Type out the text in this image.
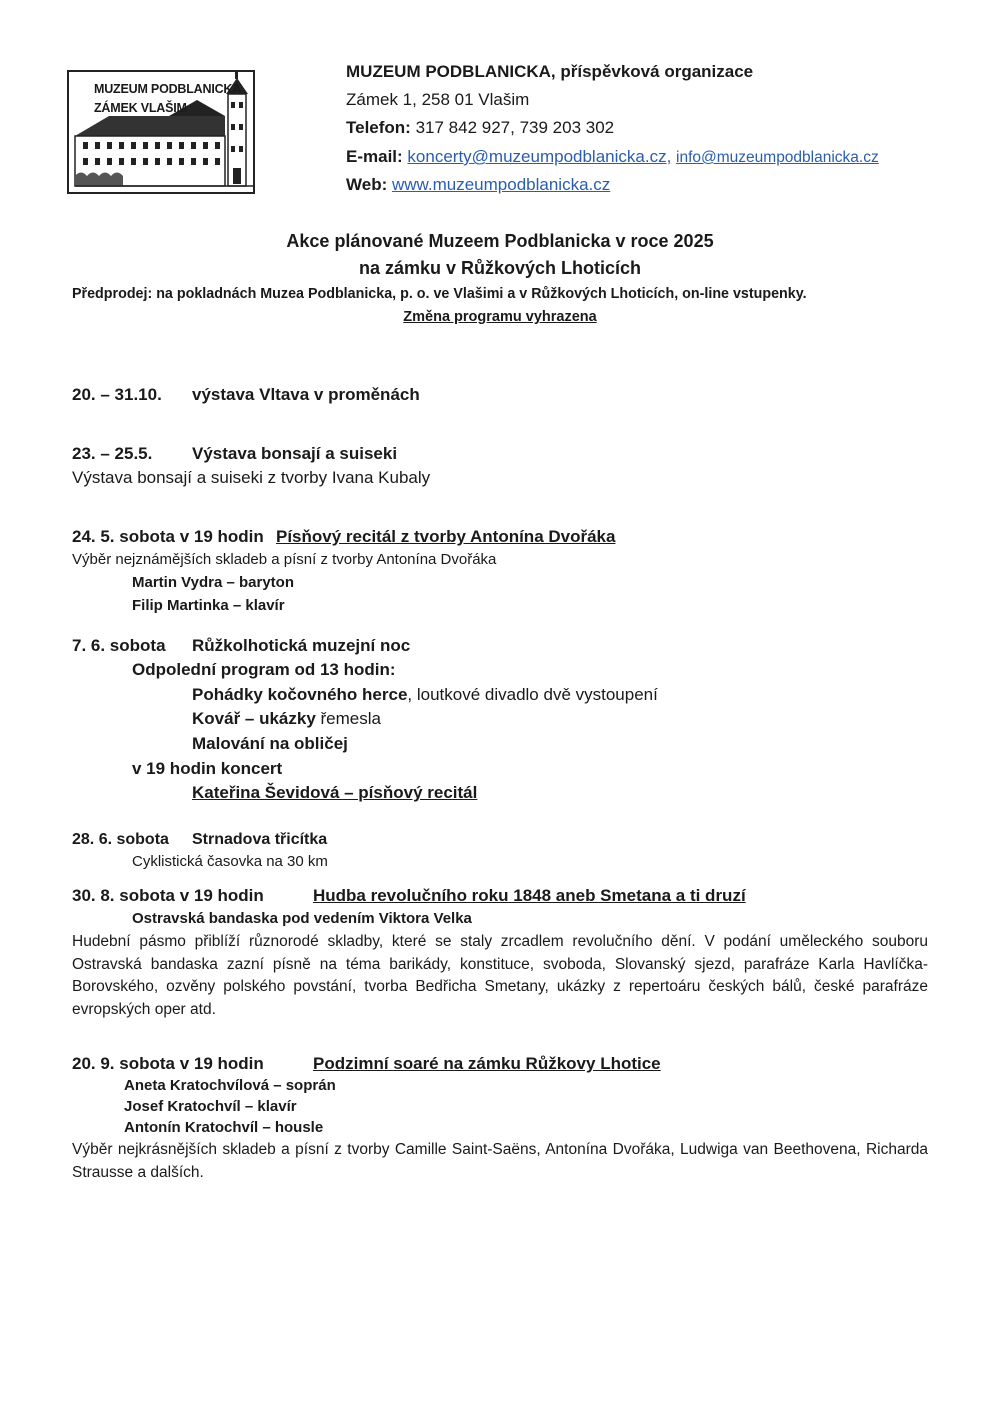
MUZEUM PODBLANICKA
ZÁMEK VLAŠIM
MUZEUM PODBLANICKA, příspěvková organizace
Zámek 1, 258 01 Vlašim
Telefon: 317 842 927, 739 203 302
E-mail: koncerty@muzeumpodblanicka.cz, info@muzeumpodblanicka.cz
Web: www.muzeumpodblanicka.cz
Akce plánované Muzeem Podblanicka v roce 2025
na zámku v Růžkových Lhoticích
Předprodej: na pokladnách Muzea Podblanicka, p. o. ve Vlašimi a v Růžkových Lhoticích, on-line vstupenky.
Změna programu vyhrazena
20. – 31.10. výstava Vltava v proměnách
23. – 25.5. Výstava bonsají a suiseki
Výstava bonsají a suiseki z tvorby Ivana Kubaly
24. 5. sobota v 19 hodin Písňový recitál z tvorby Antonína Dvořáka
Výběr nejznámějších skladeb a písní z tvorby Antonína Dvořáka
Martin Vydra – baryton
Filip Martinka – klavír
7. 6. sobota Růžkolhotická muzejní noc
Odpolední program od 13 hodin:
Pohádky kočovného herce, loutkové divadlo dvě vystoupení
Kovář – ukázky řemesla
Malování na obličej
v 19 hodin koncert
Kateřina Ševidová – písňový recitál
28. 6. sobota Strnadova třicítka
Cyklistická časovka na 30 km
30. 8. sobota v 19 hodin	Hudba revolučního roku 1848 aneb Smetana a ti druzí
Ostravská bandaska pod vedením Viktora Velka
Hudební pásmo přiblíží různorodé skladby, které se staly zrcadlem revolučního dění. V podání uměleckého souboru Ostravská bandaska zazní písně na téma barikády, konstituce, svoboda, Slovanský sjezd, parafráze Karla Havlíčka-Borovského, ozvěny polského povstání, tvorba Bedřicha Smetany, ukázky z repertoáru českých bálů, české parafráze evropských oper atd.
20. 9. sobota v 19 hodin	Podzimní soaré na zámku Růžkovy Lhotice
Aneta Kratochvílová – soprán
Josef Kratochvíl – klavír
Antonín Kratochvíl – housle
Výběr nejkrásnějších skladeb a písní z tvorby Camille Saint-Saëns, Antonína Dvořáka, Ludwiga van Beethovena, Richarda Strausse a dalších.
